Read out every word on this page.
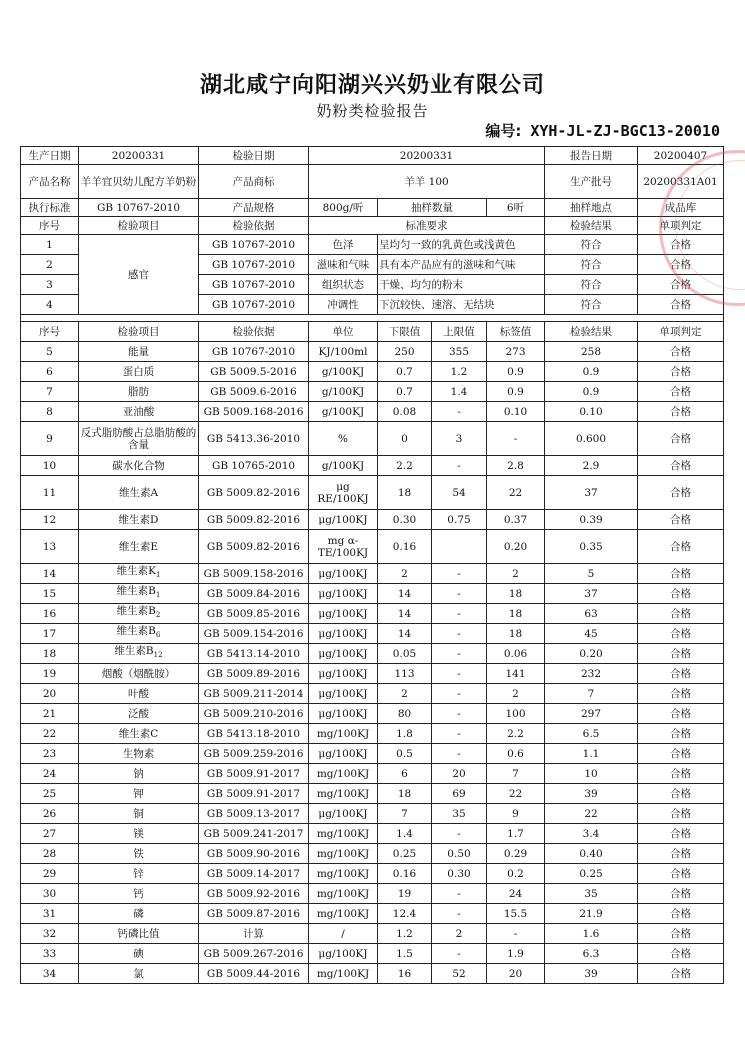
湖北咸宁向阳湖兴兴奶业有限公司
奶粉类检验报告
编号: XYH-JL-ZJ-BGC13-20010
生产日期	20200331	检验日期	20200331				报告日期	20200407
产品名称	羊羊宜贝幼儿配方羊奶粉	产品商标	羊羊 100				生产批号	20200331A01
执行标准	GB 10767-2010	产品规格	800g/听	抽样数量		6听	抽样地点	成品库
序号	检验项目	检验依据	标准要求				检验结果	单项判定
1	感官	GB 10767-2010	色泽	呈均匀一致的乳黄色或浅黄色			符合	合格
2		GB 10767-2010	滋味和气味	具有本产品应有的滋味和气味			符合	合格
3		GB 10767-2010	组织状态	干燥、均匀的粉末			符合	合格
4		GB 10767-2010	冲调性	下沉较快、速溶、无结块			符合	合格

序号	检验项目	检验依据	单位	下限值	上限值	标签值	检验结果	单项判定
5	能量	GB 10767-2010	KJ/100ml	250	355	273	258	合格
6	蛋白质	GB 5009.5-2016	g/100KJ	0.7	1.2	0.9	0.9	合格
7	脂肪	GB 5009.6-2016	g/100KJ	0.7	1.4	0.9	0.9	合格
8	亚油酸	GB 5009.168-2016	g/100KJ	0.08	-	0.10	0.10	合格
9	反式脂肪酸占总脂肪酸的含量	GB 5413.36-2010	%	0	3	-	0.600	合格
10	碳水化合物	GB 10765-2010	g/100KJ	2.2	-	2.8	2.9	合格
11	维生素A	GB 5009.82-2016	μg RE/100KJ	18	54	22	37	合格
12	维生素D	GB 5009.82-2016	μg/100KJ	0.30	0.75	0.37	0.39	合格
13	维生素E	GB 5009.82-2016	mg α-TE/100KJ	0.16		0.20	0.35	合格
14	维生素$K_1$	GB 5009.158-2016	μg/100KJ	2	-	2	5	合格
15	维生素$B_1$	GB 5009.84-2016	μg/100KJ	14	-	18	37	合格
16	维生素$B_2$	GB 5009.85-2016	μg/100KJ	14	-	18	63	合格
17	维生素$B_6$	GB 5009.154-2016	μg/100KJ	14	-	18	45	合格
18	维生素$B_{12}$	GB 5413.14-2010	μg/100KJ	0.05	-	0.06	0.20	合格
19	烟酸（烟酰胺）	GB 5009.89-2016	μg/100KJ	113	-	141	232	合格
20	叶酸	GB 5009.211-2014	μg/100KJ	2	-	2	7	合格
21	泛酸	GB 5009.210-2016	μg/100KJ	80	-	100	297	合格
22	维生素C	GB 5413.18-2010	mg/100KJ	1.8	-	2.2	6.5	合格
23	生物素	GB 5009.259-2016	μg/100KJ	0.5	-	0.6	1.1	合格
24	钠	GB 5009.91-2017	mg/100KJ	6	20	7	10	合格
25	钾	GB 5009.91-2017	mg/100KJ	18	69	22	39	合格
26	铜	GB 5009.13-2017	μg/100KJ	7	35	9	22	合格
27	镁	GB 5009.241-2017	mg/100KJ	1.4	-	1.7	3.4	合格
28	铁	GB 5009.90-2016	mg/100KJ	0.25	0.50	0.29	0.40	合格
29	锌	GB 5009.14-2017	mg/100KJ	0.16	0.30	0.2	0.25	合格
30	钙	GB 5009.92-2016	mg/100KJ	19	-	24	35	合格
31	磷	GB 5009.87-2016	mg/100KJ	12.4	-	15.5	21.9	合格
32	钙磷比值	计算	/	1.2	2	-	1.6	合格
33	碘	GB 5009.267-2016	μg/100KJ	1.5	-	1.9	6.3	合格
34	氯	GB 5009.44-2016	mg/100KJ	16	52	20	39	合格
